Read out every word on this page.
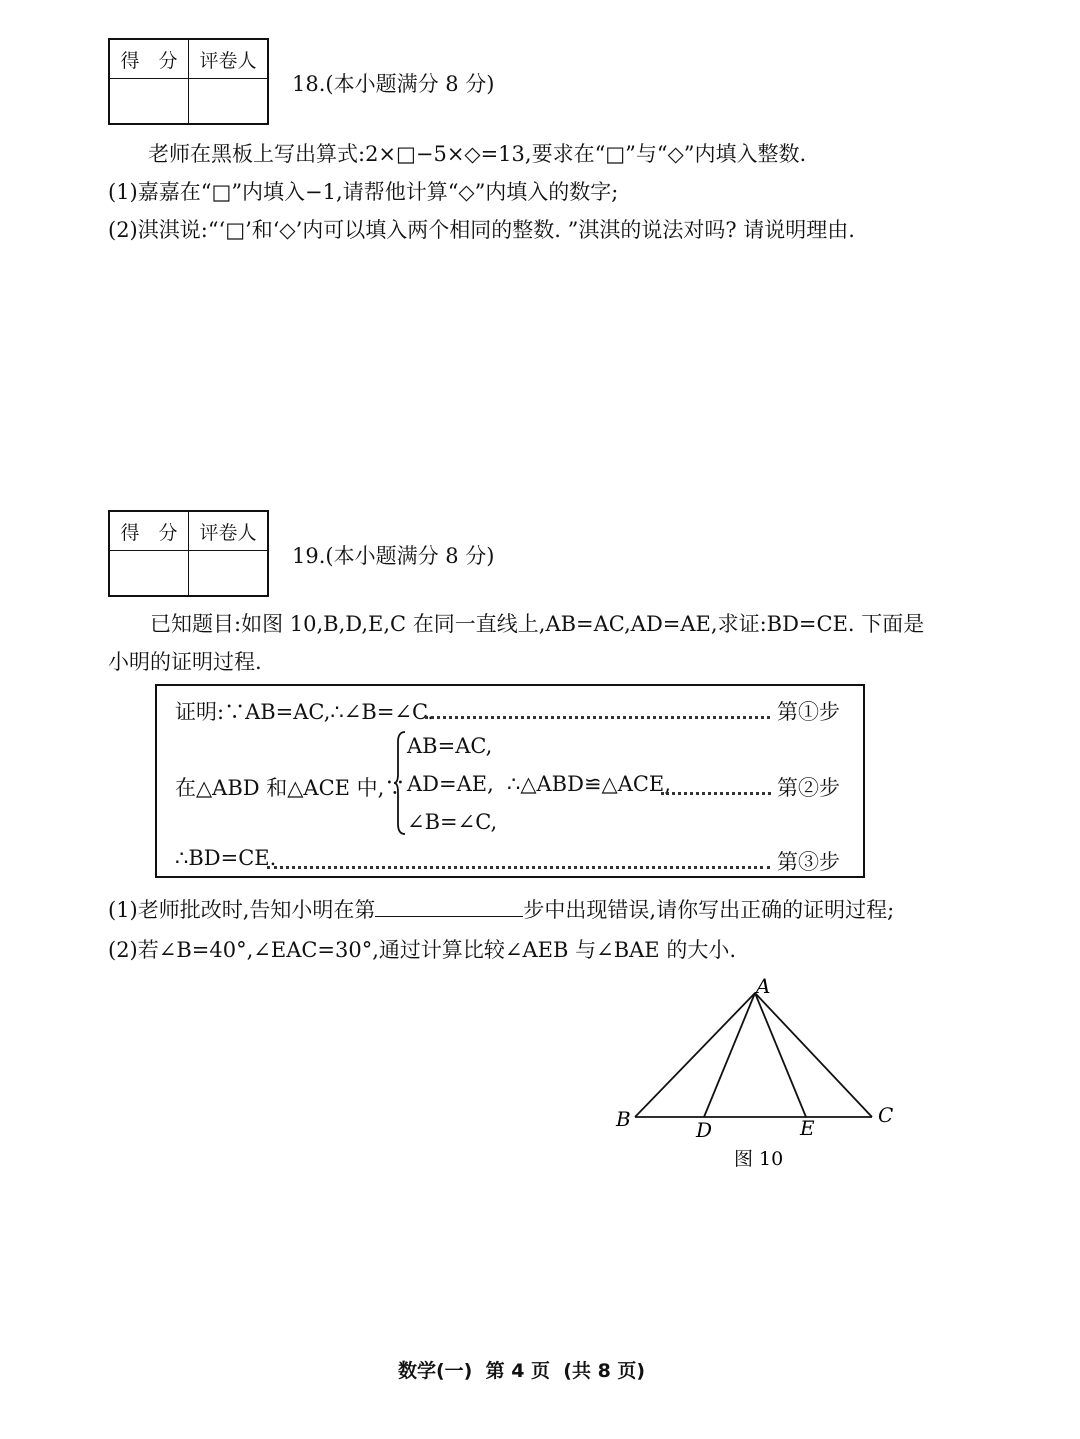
得　分	评卷人

18.(本小题满分 8 分)
老师在黑板上写出算式:2×□−5×◇=13,要求在“□”与“◇”内填入整数.
(1)嘉嘉在“□”内填入−1,请帮他计算“◇”内填入的数字;
(2)淇淇说:“‘□’和‘◇’内可以填入两个相同的整数. ”淇淇的说法对吗? 请说明理由.
得　分	评卷人

19.(本小题满分 8 分)
已知题目:如图 10,B,D,E,C 在同一直线上,AB=AC,AD=AE,求证:BD=CE. 下面是
小明的证明过程.
证明:∵AB=AC,∴∠B=∠C.	第①步
在△ABD 和△ACE 中,∵
AB=AC,
AD=AE,
∠B=∠C,
∴△ABD≌△ACE,	第②步
∴BD=CE.	第③步
(1)老师批改时,告知小明在第	步中出现错误,请你写出正确的证明过程;
(2)若∠B=40°,∠EAC=30°,通过计算比较∠AEB 与∠BAE 的大小.
A
B	C
D	E
图 10
数学(一)  第 4 页  (共 8 页)
